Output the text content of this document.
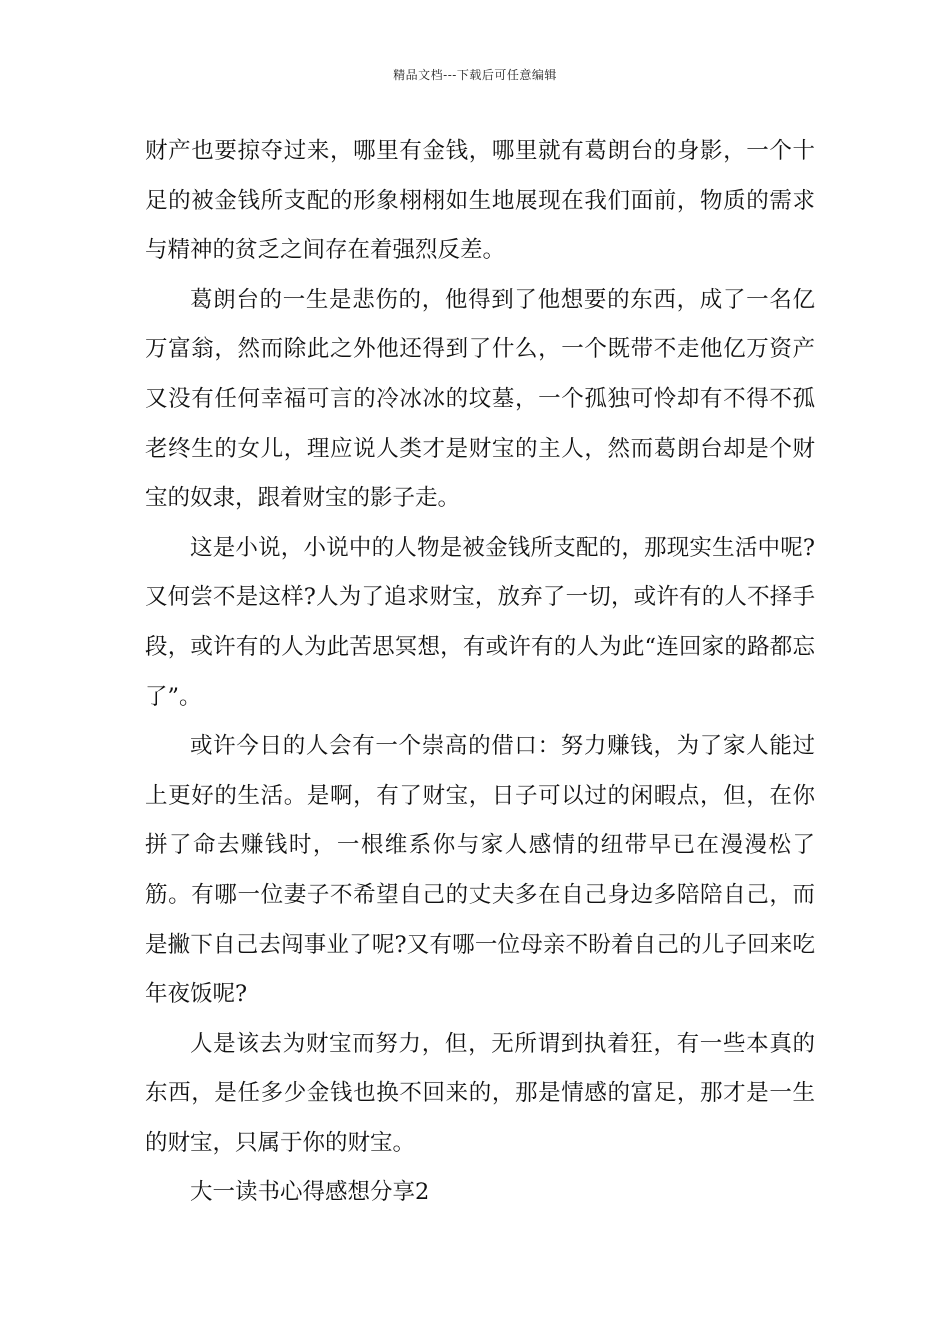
精品文档---下载后可任意编辑

财产也要掠夺过来，哪里有金钱，哪里就有葛朗台的身影，一个十足的被金钱所支配的形象栩栩如生地展现在我们面前，物质的需求与精神的贫乏之间存在着强烈反差。

葛朗台的一生是悲伤的，他得到了他想要的东西，成了一名亿万富翁，然而除此之外他还得到了什么，一个既带不走他亿万资产又没有任何幸福可言的冷冰冰的坟墓，一个孤独可怜却有不得不孤老终生的女儿，理应说人类才是财宝的主人，然而葛朗台却是个财宝的奴隶，跟着财宝的影子走。

这是小说，小说中的人物是被金钱所支配的，那现实生活中呢?又何尝不是这样?人为了追求财宝，放弃了一切，或许有的人不择手段，或许有的人为此苦思冥想，有或许有的人为此“连回家的路都忘了”。

或许今日的人会有一个崇高的借口：努力赚钱，为了家人能过上更好的生活。是啊，有了财宝，日子可以过的闲暇点，但，在你拼了命去赚钱时，一根维系你与家人感情的纽带早已在漫漫松了筋。有哪一位妻子不希望自己的丈夫多在自己身边多陪陪自己，而是撇下自己去闯事业了呢?又有哪一位母亲不盼着自己的儿子回来吃年夜饭呢?

人是该去为财宝而努力，但，无所谓到执着狂，有一些本真的东西，是任多少金钱也换不回来的，那是情感的富足，那才是一生的财宝，只属于你的财宝。

大一读书心得感想分享2
